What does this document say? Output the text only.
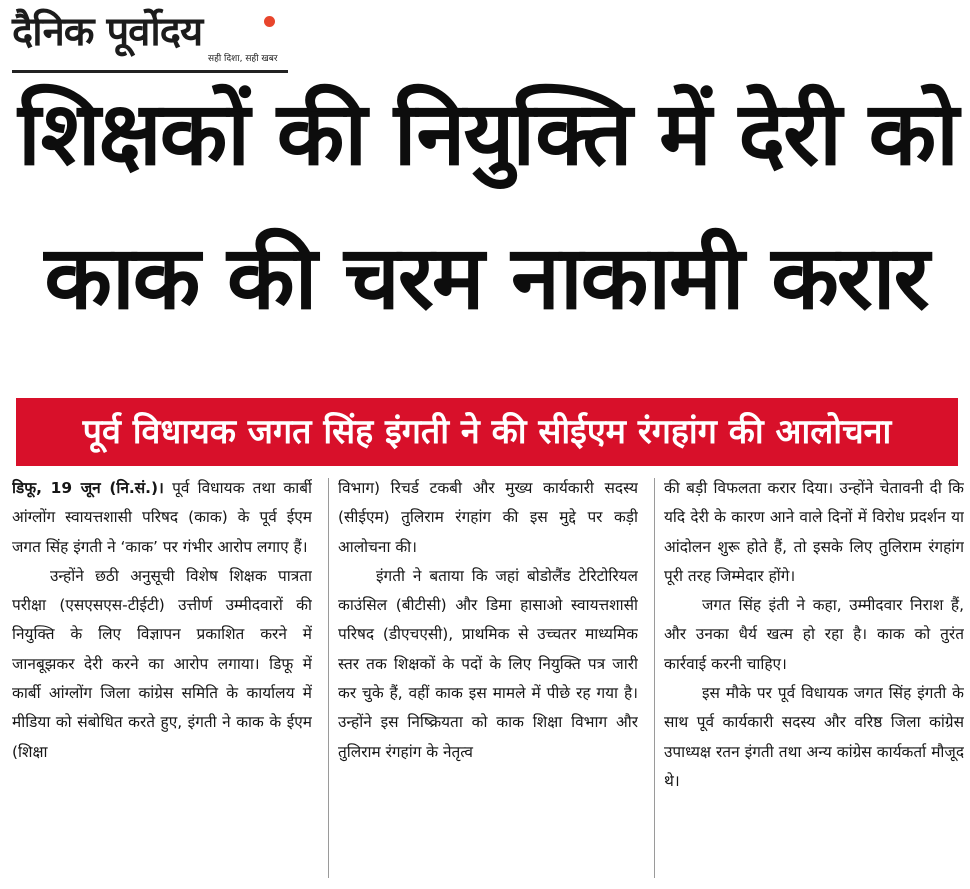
दैनिक पूर्वोदय
सही दिशा, सही खबर
शिक्षकों की नियुक्ति में देरी को
काक की चरम नाकामी करार
पूर्व विधायक जगत सिंह इंगती ने की सीईएम रंगहांग की आलोचना

डिफू, 19 जून (नि.सं.)। पूर्व विधायक तथा कार्बी आंग्लोंग स्वायत्तशासी परिषद (काक) के पूर्व ईएम जगत सिंह इंगती ने ‘काक’ पर गंभीर आरोप लगाए हैं।

उन्होंने छठी अनुसूची विशेष शिक्षक पात्रता परीक्षा (एसएसएस-टीईटी) उत्तीर्ण उम्मीदवारों की नियुक्ति के लिए विज्ञापन प्रकाशित करने में जानबूझकर देरी करने का आरोप लगाया। डिफू में कार्बी आंग्लोंग जिला कांग्रेस समिति के कार्यालय में मीडिया को संबोधित करते हुए, इंगती ने काक के ईएम (शिक्षा

विभाग) रिचर्ड टकबी और मुख्य कार्यकारी सदस्य (सीईएम) तुलिराम रंगहांग की इस मुद्दे पर कड़ी आलोचना की।

इंगती ने बताया कि जहां बोडोलैंड टेरिटोरियल काउंसिल (बीटीसी) और डिमा हासाओ स्वायत्तशासी परिषद (डीएचएसी), प्राथमिक से उच्चतर माध्यमिक स्तर तक शिक्षकों के पदों के लिए नियुक्ति पत्र जारी कर चुके हैं, वहीं काक इस मामले में पीछे रह गया है। उन्होंने इस निष्क्रियता को काक शिक्षा विभाग और तुलिराम रंगहांग के नेतृत्व

की बड़ी विफलता करार दिया। उन्होंने चेतावनी दी कि यदि देरी के कारण आने वाले दिनों में विरोध प्रदर्शन या आंदोलन शुरू होते हैं, तो इसके लिए तुलिराम रंगहांग पूरी तरह जिम्मेदार होंगे।

जगत सिंह इंती ने कहा, उम्मीदवार निराश हैं, और उनका धैर्य खत्म हो रहा है। काक को तुरंत कार्रवाई करनी चाहिए।

इस मौके पर पूर्व विधायक जगत सिंह इंगती के साथ पूर्व कार्यकारी सदस्य और वरिष्ठ जिला कांग्रेस उपाध्यक्ष रतन इंगती तथा अन्य कांग्रेस कार्यकर्ता मौजूद थे।
